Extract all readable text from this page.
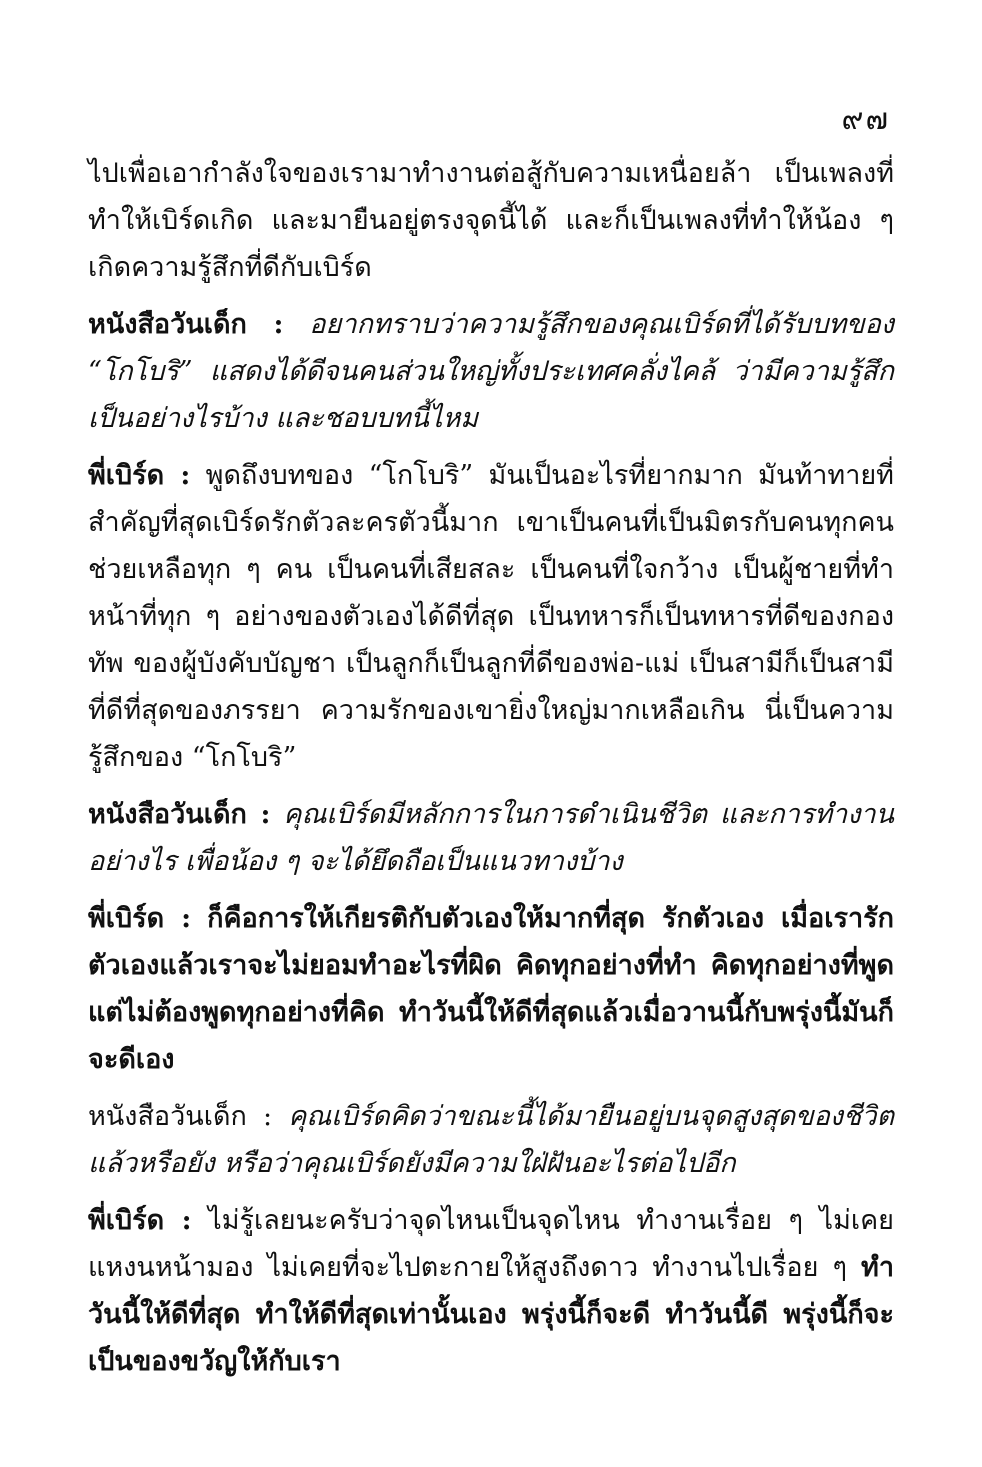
๙๗

ไปเพื่อเอากำลังใจของเรามาทำงานต่อสู้กับความเหนื่อยล้า เป็นเพลงที่ทำให้เบิร์ดเกิด และมายืนอยู่ตรงจุดนี้ได้ และก็เป็นเพลงที่ทำให้น้อง ๆ เกิดความรู้สึกที่ดีกับเบิร์ด

หนังสือวันเด็ก : อยากทราบว่าความรู้สึกของคุณเบิร์ดที่ได้รับบทของ “โกโบริ” แสดงได้ดีจนคนส่วนใหญ่ทั้งประเทศคลั่งไคล้ ว่ามีความรู้สึกเป็นอย่างไรบ้าง และชอบบทนี้ไหม

พี่เบิร์ด : พูดถึงบทของ “โกโบริ” มันเป็นอะไรที่ยากมาก มันท้าทายที่สำคัญที่สุดเบิร์ดรักตัวละครตัวนี้มาก เขาเป็นคนที่เป็นมิตรกับคนทุกคน ช่วยเหลือทุก ๆ คน เป็นคนที่เสียสละ เป็นคนที่ใจกว้าง เป็นผู้ชายที่ทำหน้าที่ทุก ๆ อย่างของตัวเองได้ดีที่สุด เป็นทหารก็เป็นทหารที่ดีของกองทัพ ของผู้บังคับบัญชา เป็นลูกก็เป็นลูกที่ดีของพ่อ-แม่ เป็นสามีก็เป็นสามีที่ดีที่สุดของภรรยา ความรักของเขายิ่งใหญ่มากเหลือเกิน นี่เป็นความรู้สึกของ “โกโบริ”

หนังสือวันเด็ก : คุณเบิร์ดมีหลักการในการดำเนินชีวิต และการทำงานอย่างไร เพื่อน้อง ๆ จะได้ยึดถือเป็นแนวทางบ้าง

พี่เบิร์ด : ก็คือการให้เกียรติกับตัวเองให้มากที่สุด รักตัวเอง เมื่อเรารักตัวเองแล้วเราจะไม่ยอมทำอะไรที่ผิด คิดทุกอย่างที่ทำ คิดทุกอย่างที่พูด แต่ไม่ต้องพูดทุกอย่างที่คิด ทำวันนี้ให้ดีที่สุดแล้วเมื่อวานนี้กับพรุ่งนี้มันก็จะดีเอง

หนังสือวันเด็ก : คุณเบิร์ดคิดว่าขณะนี้ได้มายืนอยู่บนจุดสูงสุดของชีวิตแล้วหรือยัง หรือว่าคุณเบิร์ดยังมีความใฝ่ฝันอะไรต่อไปอีก

พี่เบิร์ด : ไม่รู้เลยนะครับว่าจุดไหนเป็นจุดไหน ทำงานเรื่อย ๆ ไม่เคยแหงนหน้ามอง ไม่เคยที่จะไปตะกายให้สูงถึงดาว ทำงานไปเรื่อย ๆ ทำวันนี้ให้ดีที่สุด ทำให้ดีที่สุดเท่านั้นเอง พรุ่งนี้ก็จะดี ทำวันนี้ดี พรุ่งนี้ก็จะเป็นของขวัญให้กับเรา
